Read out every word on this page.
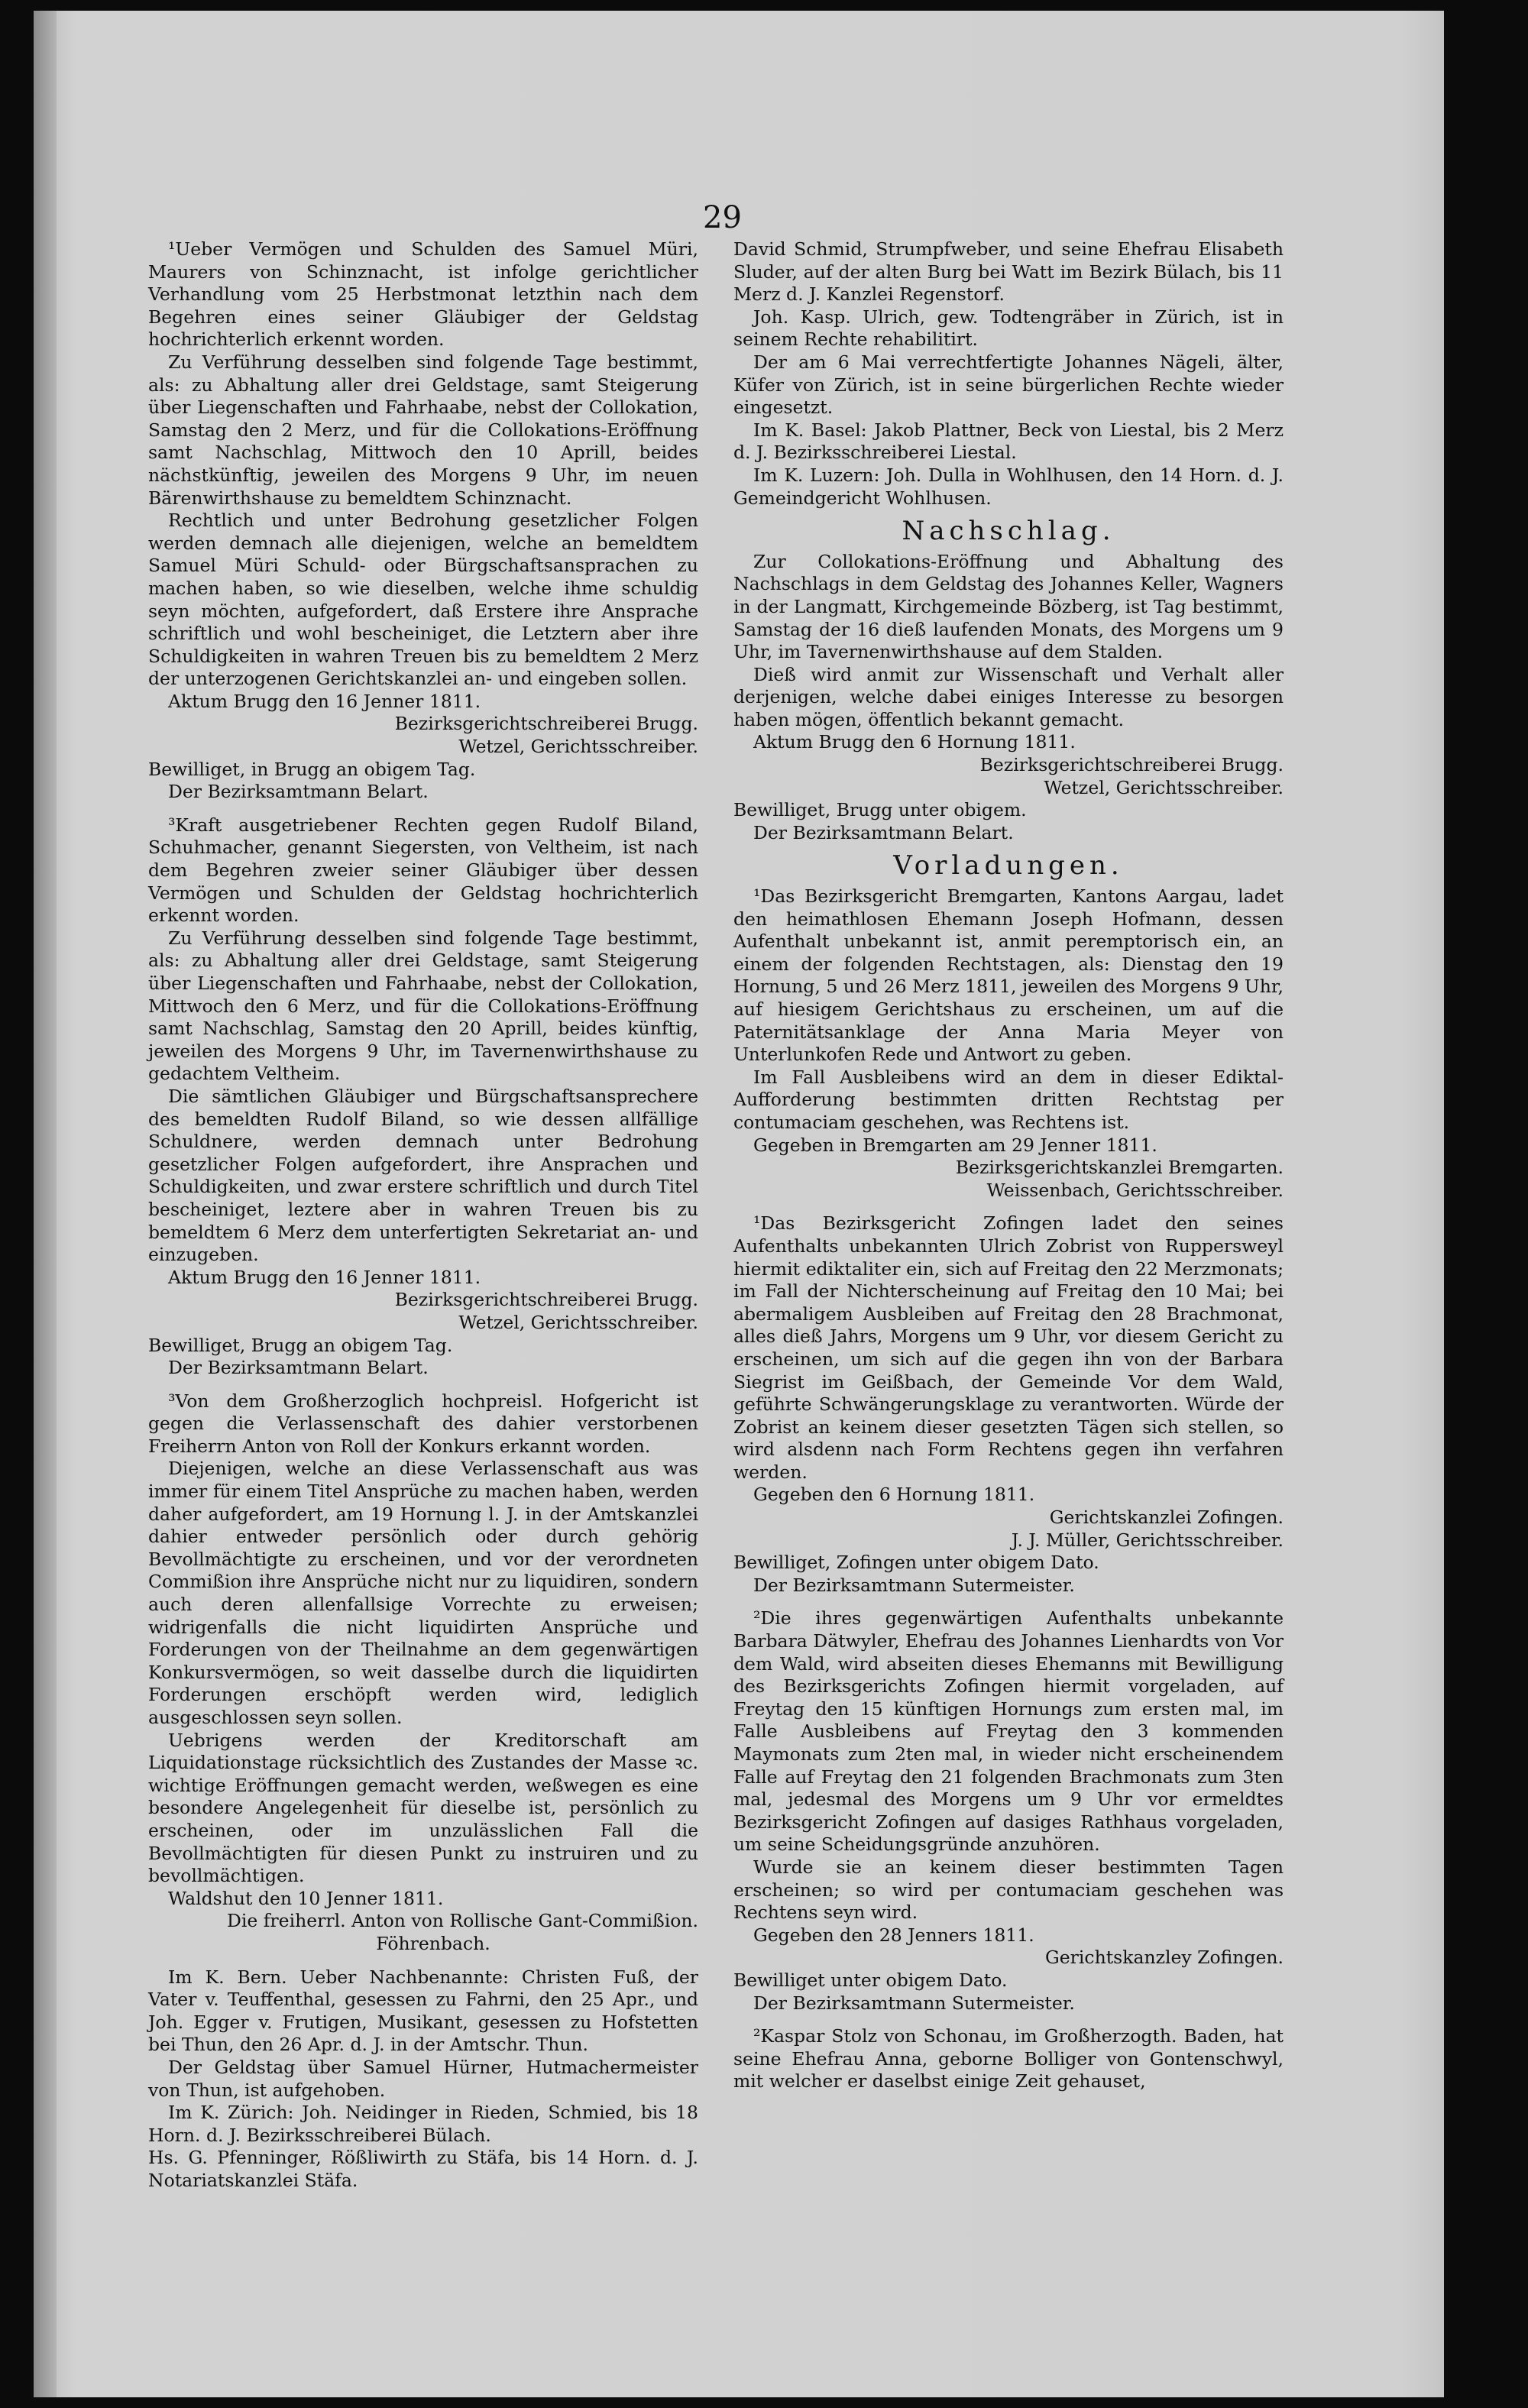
29

¹Ueber Vermögen und Schulden des Samuel Müri, Maurers von Schinznacht, ist infolge gerichtlicher Verhandlung vom 25 Herbstmonat letzthin nach dem Begehren eines seiner Gläubiger der Geldstag hochrichterlich erkennt worden.

Zu Verführung desselben sind folgende Tage bestimmt, als: zu Abhaltung aller drei Geldstage, samt Steigerung über Liegenschaften und Fahrhaabe, nebst der Collokation, Samstag den 2 Merz, und für die Collokations-Eröffnung samt Nachschlag, Mittwoch den 10 Aprill, beides nächstkünftig, jeweilen des Morgens 9 Uhr, im neuen Bärenwirthshause zu bemeldtem Schinznacht.

Rechtlich und unter Bedrohung gesetzlicher Folgen werden demnach alle diejenigen, welche an bemeldtem Samuel Müri Schuld- oder Bürgschaftsansprachen zu machen haben, so wie dieselben, welche ihme schuldig seyn möchten, aufgefordert, daß Erstere ihre Ansprache schriftlich und wohl bescheiniget, die Letztern aber ihre Schuldigkeiten in wahren Treuen bis zu bemeldtem 2 Merz der unterzogenen Gerichtskanzlei an- und eingeben sollen.

Aktum Brugg den 16 Jenner 1811.

Bezirksgerichtschreiberei Brugg.

Wetzel, Gerichtsschreiber.

Bewilliget, in Brugg an obigem Tag.

Der Bezirksamtmann Belart.

³Kraft ausgetriebener Rechten gegen Rudolf Biland, Schuhmacher, genannt Siegersten, von Veltheim, ist nach dem Begehren zweier seiner Gläubiger über dessen Vermögen und Schulden der Geldstag hochrichterlich erkennt worden.

Zu Verführung desselben sind folgende Tage bestimmt, als: zu Abhaltung aller drei Geldstage, samt Steigerung über Liegenschaften und Fahrhaabe, nebst der Collokation, Mittwoch den 6 Merz, und für die Collokations-Eröffnung samt Nachschlag, Samstag den 20 Aprill, beides künftig, jeweilen des Morgens 9 Uhr, im Tavernenwirthshause zu gedachtem Veltheim.

Die sämtlichen Gläubiger und Bürgschaftsansprechere des bemeldten Rudolf Biland, so wie dessen allfällige Schuldnere, werden demnach unter Bedrohung gesetzlicher Folgen aufgefordert, ihre Ansprachen und Schuldigkeiten, und zwar erstere schriftlich und durch Titel bescheiniget, leztere aber in wahren Treuen bis zu bemeldtem 6 Merz dem unterfertigten Sekretariat an- und einzugeben.

Aktum Brugg den 16 Jenner 1811.

Bezirksgerichtschreiberei Brugg.

Wetzel, Gerichtsschreiber.

Bewilliget, Brugg an obigem Tag.

Der Bezirksamtmann Belart.

³Von dem Großherzoglich hochpreisl. Hofgericht ist gegen die Verlassenschaft des dahier verstorbenen Freiherrn Anton von Roll der Konkurs erkannt worden.

Diejenigen, welche an diese Verlassenschaft aus was immer für einem Titel Ansprüche zu machen haben, werden daher aufgefordert, am 19 Hornung l. J. in der Amtskanzlei dahier entweder persönlich oder durch gehörig Bevollmächtigte zu erscheinen, und vor der verordneten Commißion ihre Ansprüche nicht nur zu liquidiren, sondern auch deren allenfallsige Vorrechte zu erweisen; widrigenfalls die nicht liquidirten Ansprüche und Forderungen von der Theilnahme an dem gegenwärtigen Konkursvermögen, so weit dasselbe durch die liquidirten Forderungen erschöpft werden wird, lediglich ausgeschlossen seyn sollen.

Uebrigens werden der Kreditorschaft am Liquidationstage rücksichtlich des Zustandes der Masse ꝛc. wichtige Eröffnungen gemacht werden, weßwegen es eine besondere Angelegenheit für dieselbe ist, persönlich zu erscheinen, oder im unzulässlichen Fall die Bevollmächtigten für diesen Punkt zu instruiren und zu bevollmächtigen.

Waldshut den 10 Jenner 1811.

Die freiherrl. Anton von Rollische Gant-Commißion.

Föhrenbach.

Im K. Bern. Ueber Nachbenannte: Christen Fuß, der Vater v. Teuffenthal, gesessen zu Fahrni, den 25 Apr., und Joh. Egger v. Frutigen, Musikant, gesessen zu Hofstetten bei Thun, den 26 Apr. d. J. in der Amtschr. Thun.

Der Geldstag über Samuel Hürner, Hutmachermeister von Thun, ist aufgehoben.

Im K. Zürich: Joh. Neidinger in Rieden, Schmied, bis 18 Horn. d. J. Bezirksschreiberei Bülach.

Hs. G. Pfenninger, Rößliwirth zu Stäfa, bis 14 Horn. d. J. Notariatskanzlei Stäfa.

David Schmid, Strumpfweber, und seine Ehefrau Elisabeth Sluder, auf der alten Burg bei Watt im Bezirk Bülach, bis 11 Merz d. J. Kanzlei Regenstorf.

Joh. Kasp. Ulrich, gew. Todtengräber in Zürich, ist in seinem Rechte rehabilitirt.

Der am 6 Mai verrechtfertigte Johannes Nägeli, älter, Küfer von Zürich, ist in seine bürgerlichen Rechte wieder eingesetzt.

Im K. Basel: Jakob Plattner, Beck von Liestal, bis 2 Merz d. J. Bezirksschreiberei Liestal.

Im K. Luzern: Joh. Dulla in Wohlhusen, den 14 Horn. d. J. Gemeindgericht Wohlhusen.

Nachschlag.

Zur Collokations-Eröffnung und Abhaltung des Nachschlags in dem Geldstag des Johannes Keller, Wagners in der Langmatt, Kirchgemeinde Bözberg, ist Tag bestimmt, Samstag der 16 dieß laufenden Monats, des Morgens um 9 Uhr, im Tavernenwirthshause auf dem Stalden.

Dieß wird anmit zur Wissenschaft und Verhalt aller derjenigen, welche dabei einiges Interesse zu besorgen haben mögen, öffentlich bekannt gemacht.

Aktum Brugg den 6 Hornung 1811.

Bezirksgerichtschreiberei Brugg.

Wetzel, Gerichtsschreiber.

Bewilliget, Brugg unter obigem.

Der Bezirksamtmann Belart.

Vorladungen.

¹Das Bezirksgericht Bremgarten, Kantons Aargau, ladet den heimathlosen Ehemann Joseph Hofmann, dessen Aufenthalt unbekannt ist, anmit peremptorisch ein, an einem der folgenden Rechtstagen, als: Dienstag den 19 Hornung, 5 und 26 Merz 1811, jeweilen des Morgens 9 Uhr, auf hiesigem Gerichtshaus zu erscheinen, um auf die Paternitätsanklage der Anna Maria Meyer von Unterlunkofen Rede und Antwort zu geben.

Im Fall Ausbleibens wird an dem in dieser Ediktal-Aufforderung bestimmten dritten Rechtstag per contumaciam geschehen, was Rechtens ist.

Gegeben in Bremgarten am 29 Jenner 1811.

Bezirksgerichtskanzlei Bremgarten.

Weissenbach, Gerichtsschreiber.

¹Das Bezirksgericht Zofingen ladet den seines Aufenthalts unbekannten Ulrich Zobrist von Ruppersweyl hiermit ediktaliter ein, sich auf Freitag den 22 Merzmonats; im Fall der Nichterscheinung auf Freitag den 10 Mai; bei abermaligem Ausbleiben auf Freitag den 28 Brachmonat, alles dieß Jahrs, Morgens um 9 Uhr, vor diesem Gericht zu erscheinen, um sich auf die gegen ihn von der Barbara Siegrist im Geißbach, der Gemeinde Vor dem Wald, geführte Schwängerungsklage zu verantworten. Würde der Zobrist an keinem dieser gesetzten Tägen sich stellen, so wird alsdenn nach Form Rechtens gegen ihn verfahren werden.

Gegeben den 6 Hornung 1811.

Gerichtskanzlei Zofingen.

J. J. Müller, Gerichtsschreiber.

Bewilliget, Zofingen unter obigem Dato.

Der Bezirksamtmann Sutermeister.

²Die ihres gegenwärtigen Aufenthalts unbekannte Barbara Dätwyler, Ehefrau des Johannes Lienhardts von Vor dem Wald, wird abseiten dieses Ehemanns mit Bewilligung des Bezirksgerichts Zofingen hiermit vorgeladen, auf Freytag den 15 künftigen Hornungs zum ersten mal, im Falle Ausbleibens auf Freytag den 3 kommenden Maymonats zum 2ten mal, in wieder nicht erscheinendem Falle auf Freytag den 21 folgenden Brachmonats zum 3ten mal, jedesmal des Morgens um 9 Uhr vor ermeldtes Bezirksgericht Zofingen auf dasiges Rathhaus vorgeladen, um seine Scheidungsgründe anzuhören.

Wurde sie an keinem dieser bestimmten Tagen erscheinen; so wird per contumaciam geschehen was Rechtens seyn wird.

Gegeben den 28 Jenners 1811.

Gerichtskanzley Zofingen.

Bewilliget unter obigem Dato.

Der Bezirksamtmann Sutermeister.

²Kaspar Stolz von Schonau, im Großherzogth. Baden, hat seine Ehefrau Anna, geborne Bolliger von Gontenschwyl, mit welcher er daselbst einige Zeit gehauset,
